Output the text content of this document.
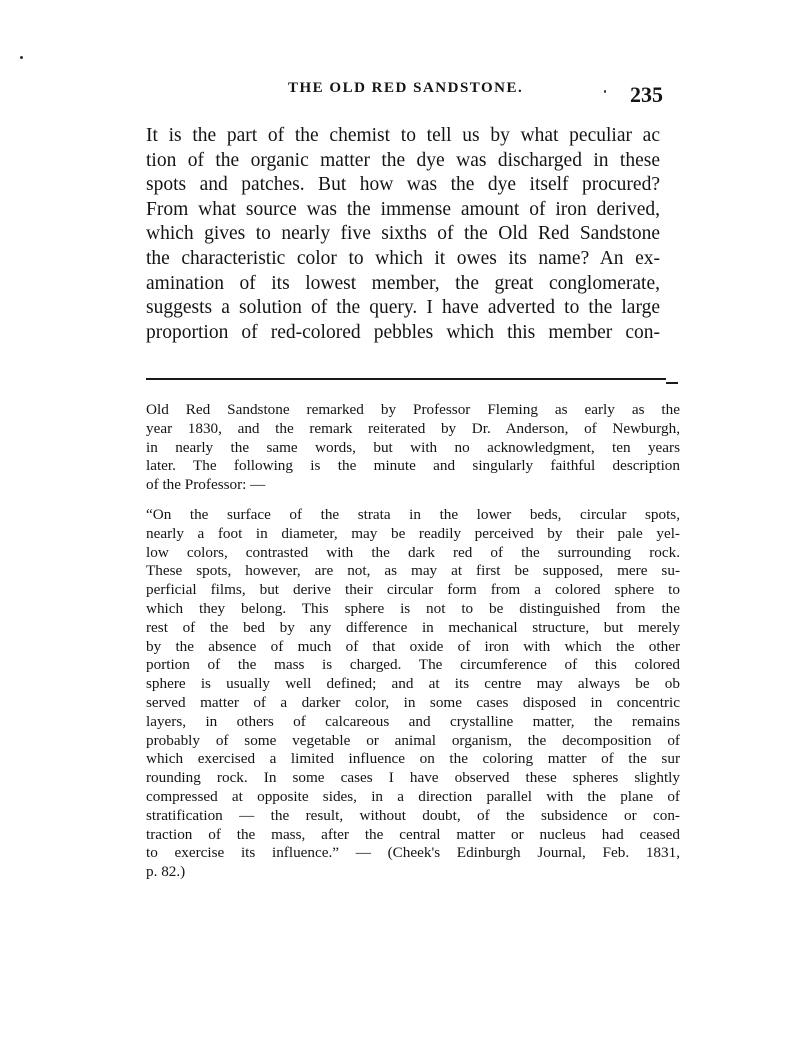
THE OLD RED SANDSTONE.	235
It is the part of the chemist to tell us by what peculiar ac
tion of the organic matter the dye was discharged in these
spots and patches. But how was the dye itself procured?
From what source was the immense amount of iron derived,
which gives to nearly five sixths of the Old Red Sandstone
the characteristic color to which it owes its name? An ex-
amination of its lowest member, the great conglomerate,
suggests a solution of the query. I have adverted to the large
proportion of red-colored pebbles which this member con-
Old Red Sandstone remarked by Professor Fleming as early as the
year 1830, and the remark reiterated by Dr. Anderson, of Newburgh,
in nearly the same words, but with no acknowledgment, ten years
later. The following is the minute and singularly faithful description
of the Professor: —
“On the surface of the strata in the lower beds, circular spots,
nearly a foot in diameter, may be readily perceived by their pale yel-
low colors, contrasted with the dark red of the surrounding rock.
These spots, however, are not, as may at first be supposed, mere su-
perficial films, but derive their circular form from a colored sphere to
which they belong. This sphere is not to be distinguished from the
rest of the bed by any difference in mechanical structure, but merely
by the absence of much of that oxide of iron with which the other
portion of the mass is charged. The circumference of this colored
sphere is usually well defined; and at its centre may always be ob
served matter of a darker color, in some cases disposed in concentric
layers, in others of calcareous and crystalline matter, the remains
probably of some vegetable or animal organism, the decomposition of
which exercised a limited influence on the coloring matter of the sur
rounding rock. In some cases I have observed these spheres slightly
compressed at opposite sides, in a direction parallel with the plane of
stratification — the result, without doubt, of the subsidence or con-
traction of the mass, after the central matter or nucleus had ceased
to exercise its influence.” — (Cheek's Edinburgh Journal, Feb. 1831,
p. 82.)
